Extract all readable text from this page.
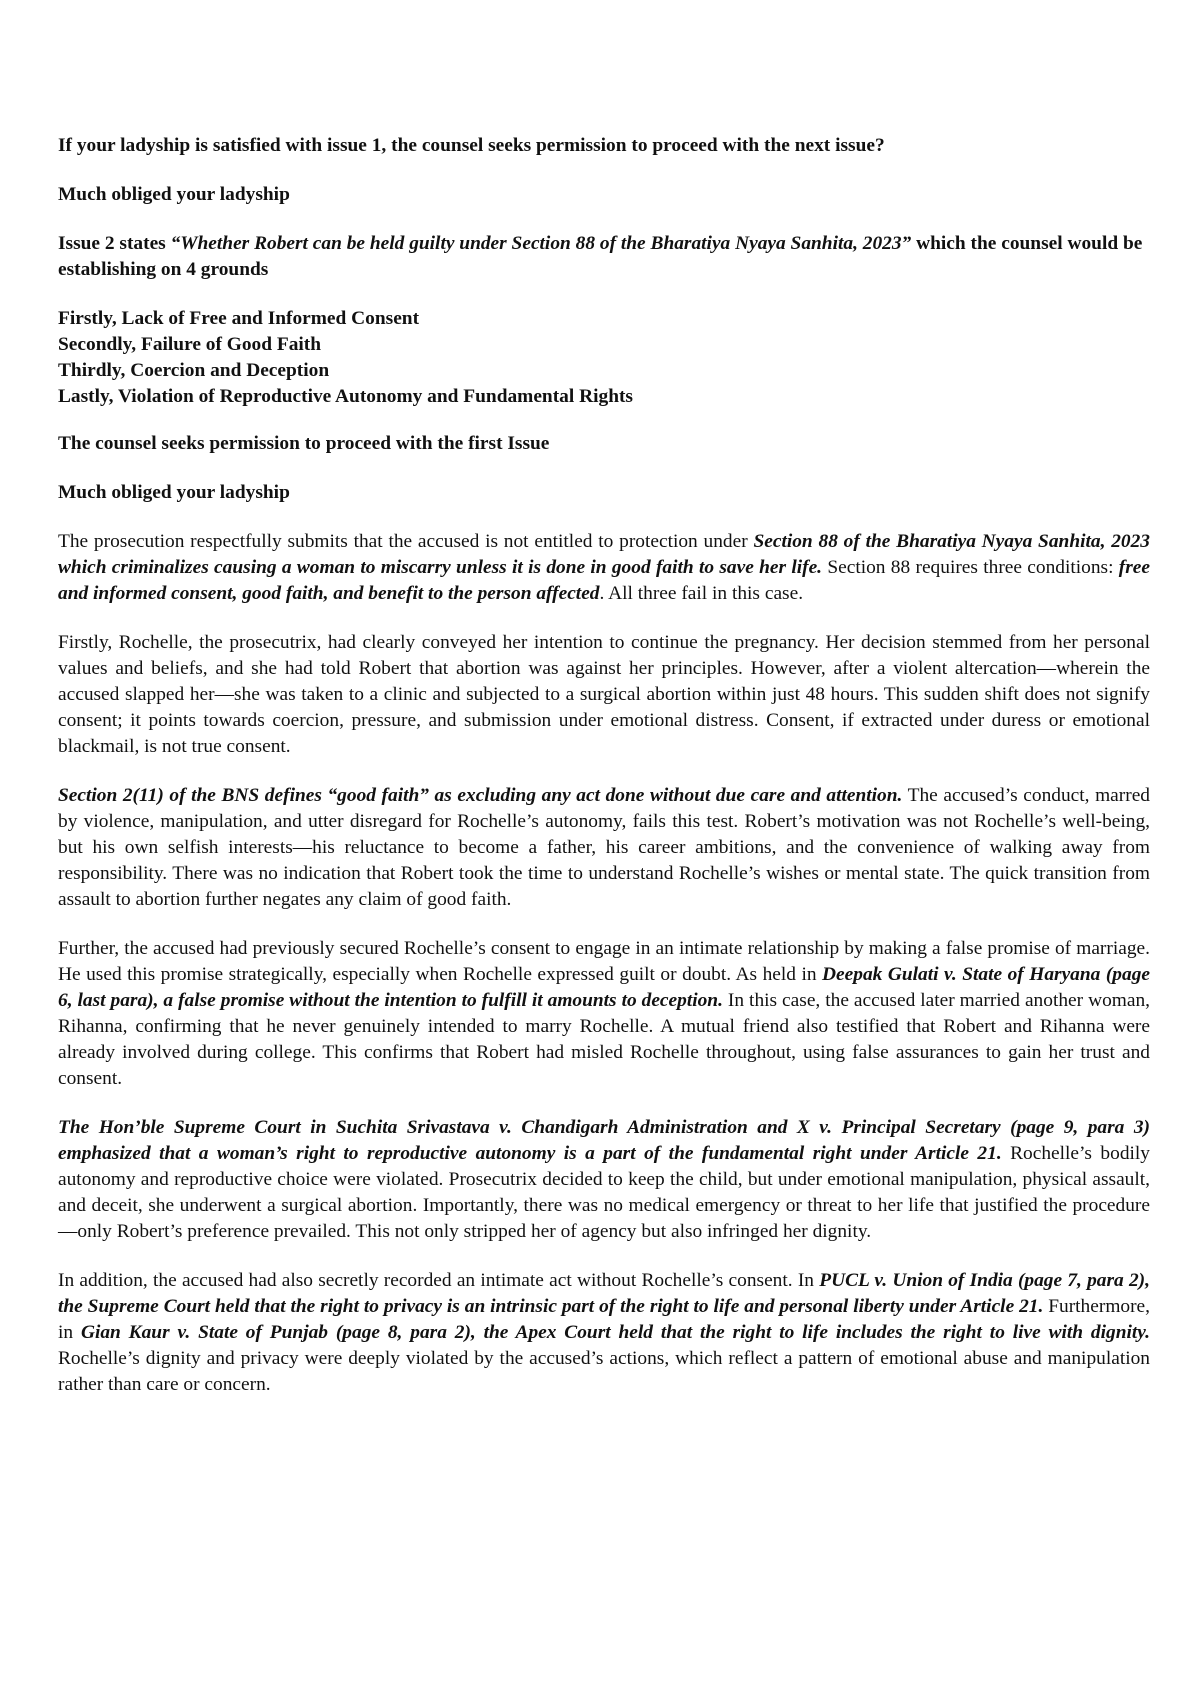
If your ladyship is satisfied with issue 1, the counsel seeks permission to proceed with the next issue?

Much obliged your ladyship

Issue 2 states “Whether Robert can be held guilty under Section 88 of the Bharatiya Nyaya Sanhita, 2023” which the counsel would be establishing on 4 grounds

Firstly, Lack of Free and Informed Consent
Secondly, Failure of Good Faith
Thirdly, Coercion and Deception
Lastly, Violation of Reproductive Autonomy and Fundamental Rights

The counsel seeks permission to proceed with the first Issue

Much obliged your ladyship

The prosecution respectfully submits that the accused is not entitled to protection under Section 88 of the Bharatiya Nyaya Sanhita, 2023 which criminalizes causing a woman to miscarry unless it is done in good faith to save her life. Section 88 requires three conditions: free and informed consent, good faith, and benefit to the person affected. All three fail in this case.

Firstly, Rochelle, the prosecutrix, had clearly conveyed her intention to continue the pregnancy. Her decision stemmed from her personal values and beliefs, and she had told Robert that abortion was against her principles. However, after a violent altercation—wherein the accused slapped her—she was taken to a clinic and subjected to a surgical abortion within just 48 hours. This sudden shift does not signify consent; it points towards coercion, pressure, and submission under emotional distress. Consent, if extracted under duress or emotional blackmail, is not true consent.

Section 2(11) of the BNS defines “good faith” as excluding any act done without due care and attention. The accused’s conduct, marred by violence, manipulation, and utter disregard for Rochelle’s autonomy, fails this test. Robert’s motivation was not Rochelle’s well-being, but his own selfish interests—his reluctance to become a father, his career ambitions, and the convenience of walking away from responsibility. There was no indication that Robert took the time to understand Rochelle’s wishes or mental state. The quick transition from assault to abortion further negates any claim of good faith.

Further, the accused had previously secured Rochelle’s consent to engage in an intimate relationship by making a false promise of marriage. He used this promise strategically, especially when Rochelle expressed guilt or doubt. As held in Deepak Gulati v. State of Haryana (page 6, last para), a false promise without the intention to fulfill it amounts to deception. In this case, the accused later married another woman, Rihanna, confirming that he never genuinely intended to marry Rochelle. A mutual friend also testified that Robert and Rihanna were already involved during college. This confirms that Robert had misled Rochelle throughout, using false assurances to gain her trust and consent.

The Hon’ble Supreme Court in Suchita Srivastava v. Chandigarh Administration and X v. Principal Secretary (page 9, para 3) emphasized that a woman’s right to reproductive autonomy is a part of the fundamental right under Article 21. Rochelle’s bodily autonomy and reproductive choice were violated. Prosecutrix decided to keep the child, but under emotional manipulation, physical assault, and deceit, she underwent a surgical abortion. Importantly, there was no medical emergency or threat to her life that justified the procedure—only Robert’s preference prevailed. This not only stripped her of agency but also infringed her dignity.

In addition, the accused had also secretly recorded an intimate act without Rochelle’s consent. In PUCL v. Union of India (page 7, para 2), the Supreme Court held that the right to privacy is an intrinsic part of the right to life and personal liberty under Article 21. Furthermore, in Gian Kaur v. State of Punjab (page 8, para 2), the Apex Court held that the right to life includes the right to live with dignity. Rochelle’s dignity and privacy were deeply violated by the accused’s actions, which reflect a pattern of emotional abuse and manipulation rather than care or concern.
